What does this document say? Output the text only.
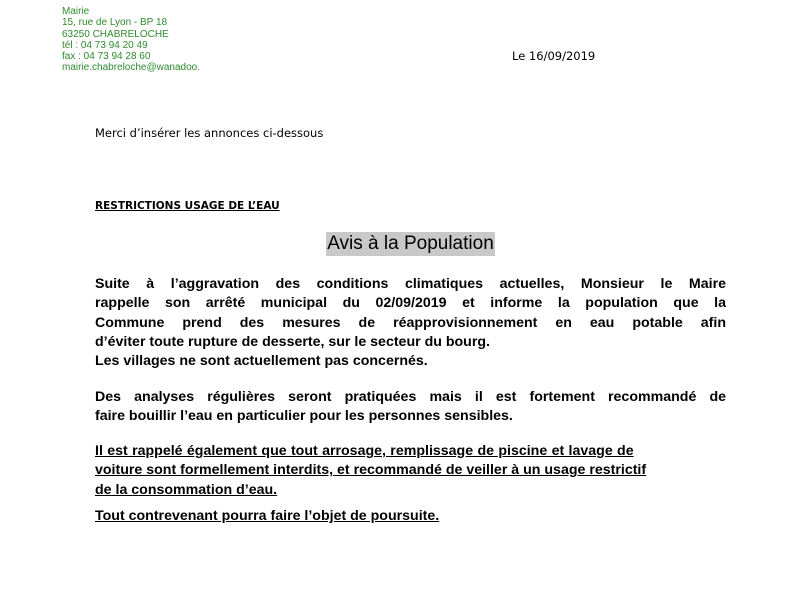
Mairie
15, rue de Lyon - BP 18
63250 CHABRELOCHE
tél : 04 73 94 20 49
fax : 04 73 94 28 60
mairie.chabreloche@wanadoo.
Le 16/09/2019
Merci d’insérer les annonces ci-dessous
RESTRICTIONS USAGE DE L’EAU
Avis à la Population
Suite à l’aggravation des conditions climatiques actuelles, Monsieur le Maire
rappelle son arrêté municipal du 02/09/2019 et informe la population que la
Commune prend des mesures de réapprovisionnement en eau potable afin
d’éviter toute rupture de desserte, sur le secteur du bourg.
Les villages ne sont actuellement pas concernés.
Des analyses régulières seront pratiquées mais il est fortement recommandé de
faire bouillir l’eau en particulier pour les personnes sensibles.
Il est rappelé également que tout arrosage, remplissage de piscine et lavage de
voiture sont formellement interdits, et recommandé de veiller à un usage restrictif
de la consommation d’eau.
Tout contrevenant pourra faire l’objet de poursuite.
